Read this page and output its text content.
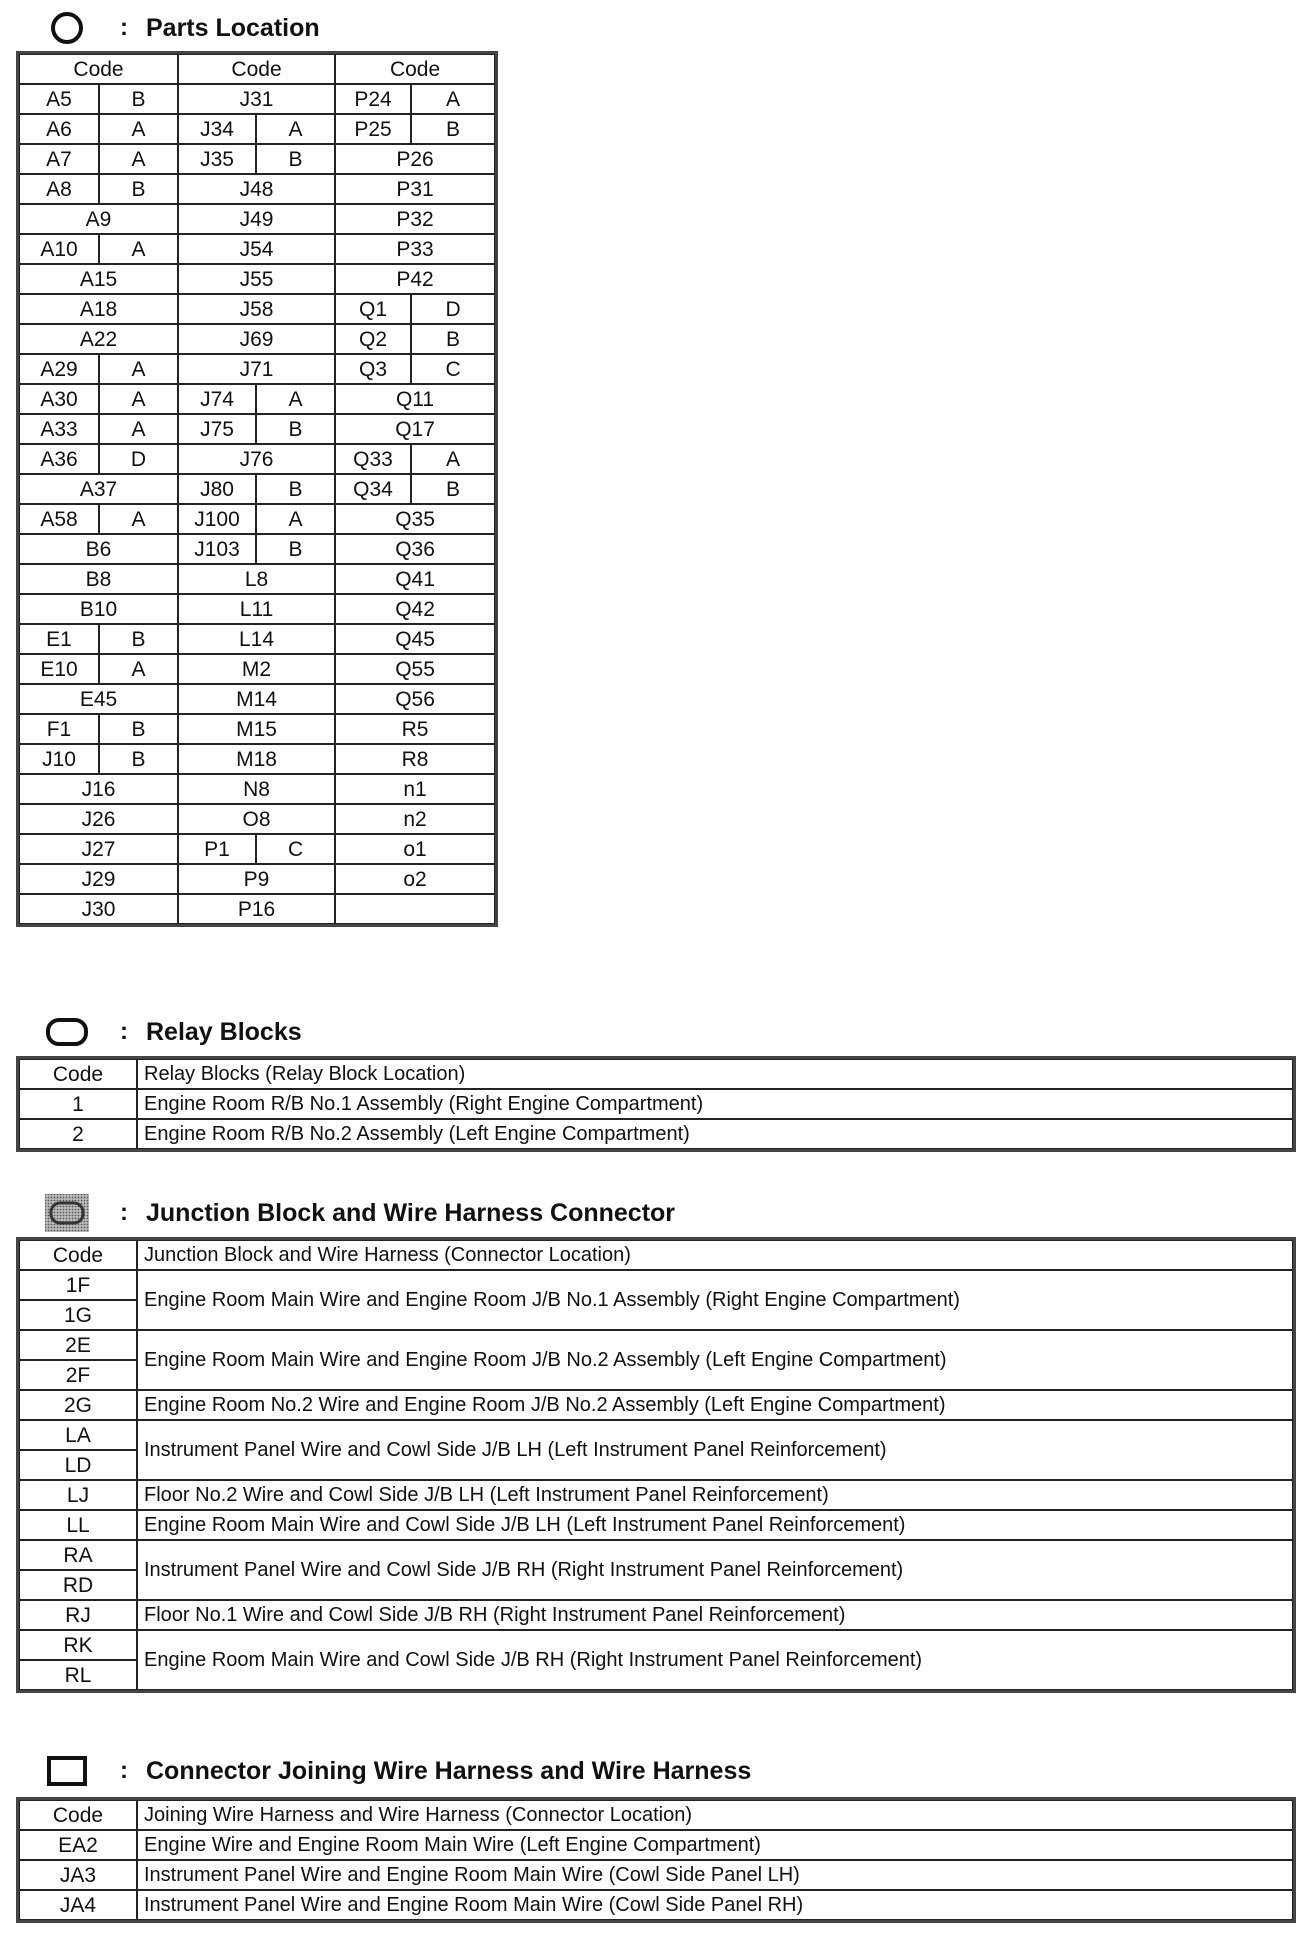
: Parts Location
Code		Code		Code	
A5	B	J31		P24	A
A6	A	J34	A	P25	B
A7	A	J35	B	P26	
A8	B	J48		P31	
A9		J49		P32	
A10	A	J54		P33	
A15		J55		P42	
A18		J58		Q1	D
A22		J69		Q2	B
A29	A	J71		Q3	C
A30	A	J74	A	Q11	
A33	A	J75	B	Q17	
A36	D	J76		Q33	A
A37		J80	B	Q34	B
A58	A	J100	A	Q35	
B6		J103	B	Q36	
B8		L8		Q41	
B10		L11		Q42	
E1	B	L14		Q45	
E10	A	M2		Q55	
E45		M14		Q56	
F1	B	M15		R5	
J10	B	M18		R8	
J16		N8		n1	
J26		O8		n2	
J27		P1	C	o1	
J29		P9		o2	
J30		P16			
: Relay Blocks
Code	Relay Blocks (Relay Block Location)
1	Engine Room R/B No.1 Assembly (Right Engine Compartment)
2	Engine Room R/B No.2 Assembly (Left Engine Compartment)
: Junction Block and Wire Harness Connector
Code	Junction Block and Wire Harness (Connector Location)
1F	Engine Room Main Wire and Engine Room J/B No.1 Assembly (Right Engine Compartment)
1G	
2E	Engine Room Main Wire and Engine Room J/B No.2 Assembly (Left Engine Compartment)
2F	
2G	Engine Room No.2 Wire and Engine Room J/B No.2 Assembly (Left Engine Compartment)
LA	Instrument Panel Wire and Cowl Side J/B LH (Left Instrument Panel Reinforcement)
LD	
LJ	Floor No.2 Wire and Cowl Side J/B LH (Left Instrument Panel Reinforcement)
LL	Engine Room Main Wire and Cowl Side J/B LH (Left Instrument Panel Reinforcement)
RA	Instrument Panel Wire and Cowl Side J/B RH (Right Instrument Panel Reinforcement)
RD	
RJ	Floor No.1 Wire and Cowl Side J/B RH (Right Instrument Panel Reinforcement)
RK	Engine Room Main Wire and Cowl Side J/B RH (Right Instrument Panel Reinforcement)
RL	
: Connector Joining Wire Harness and Wire Harness
Code	Joining Wire Harness and Wire Harness (Connector Location)
EA2	Engine Wire and Engine Room Main Wire (Left Engine Compartment)
JA3	Instrument Panel Wire and Engine Room Main Wire (Cowl Side Panel LH)
JA4	Instrument Panel Wire and Engine Room Main Wire (Cowl Side Panel RH)
